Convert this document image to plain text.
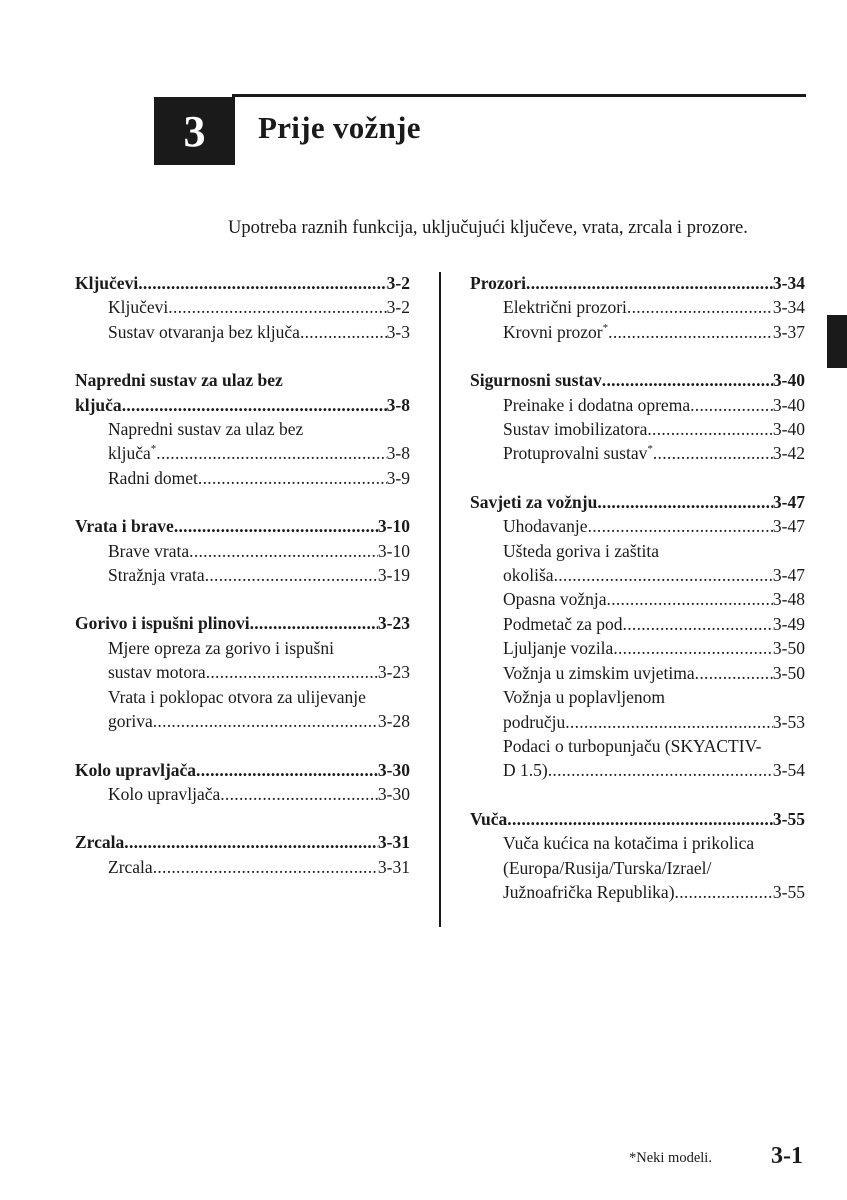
3 Prije vožnje
Upotreba raznih funkcija, uključujući ključeve, vrata, zrcala i prozore.
Ključevi .....	3-2
Ključevi .....	3-2
Sustav otvaranja bez ključa .....	3-3
Napredni sustav za ulaz bez
ključa .....	3-8
Napredni sustav za ulaz bez
ključa* .....	3-8
Radni domet .....	3-9
Vrata i brave .....	3-10
Brave vrata .....	3-10
Stražnja vrata .....	3-19
Gorivo i ispušni plinovi .....	3-23
Mjere opreza za gorivo i ispušni
sustav motora .....	3-23
Vrata i poklopac otvora za ulijevanje
goriva .....	3-28
Kolo upravljača .....	3-30
Kolo upravljača .....	3-30
Zrcala .....	3-31
Zrcala .....	3-31
Prozori .....	3-34
Električni prozori .....	3-34
Krovni prozor* .....	3-37
Sigurnosni sustav .....	3-40
Preinake i dodatna oprema .....	3-40
Sustav imobilizatora .....	3-40
Protuprovalni sustav* .....	3-42
Savjeti za vožnju .....	3-47
Uhodavanje .....	3-47
Ušteda goriva i zaštita
okoliša .....	3-47
Opasna vožnja .....	3-48
Podmetač za pod .....	3-49
Ljuljanje vozila .....	3-50
Vožnja u zimskim uvjetima .....	3-50
Vožnja u poplavljenom
području .....	3-53
Podaci o turbopunjaču (SKYACTIV-
D 1.5) .....	3-54
Vuča .....	3-55
Vuča kućica na kotačima i prikolica
(Europa/Rusija/Turska/Izrael/
Južnoafrička Republika) .....	3-55
*Neki modeli. 3-1
